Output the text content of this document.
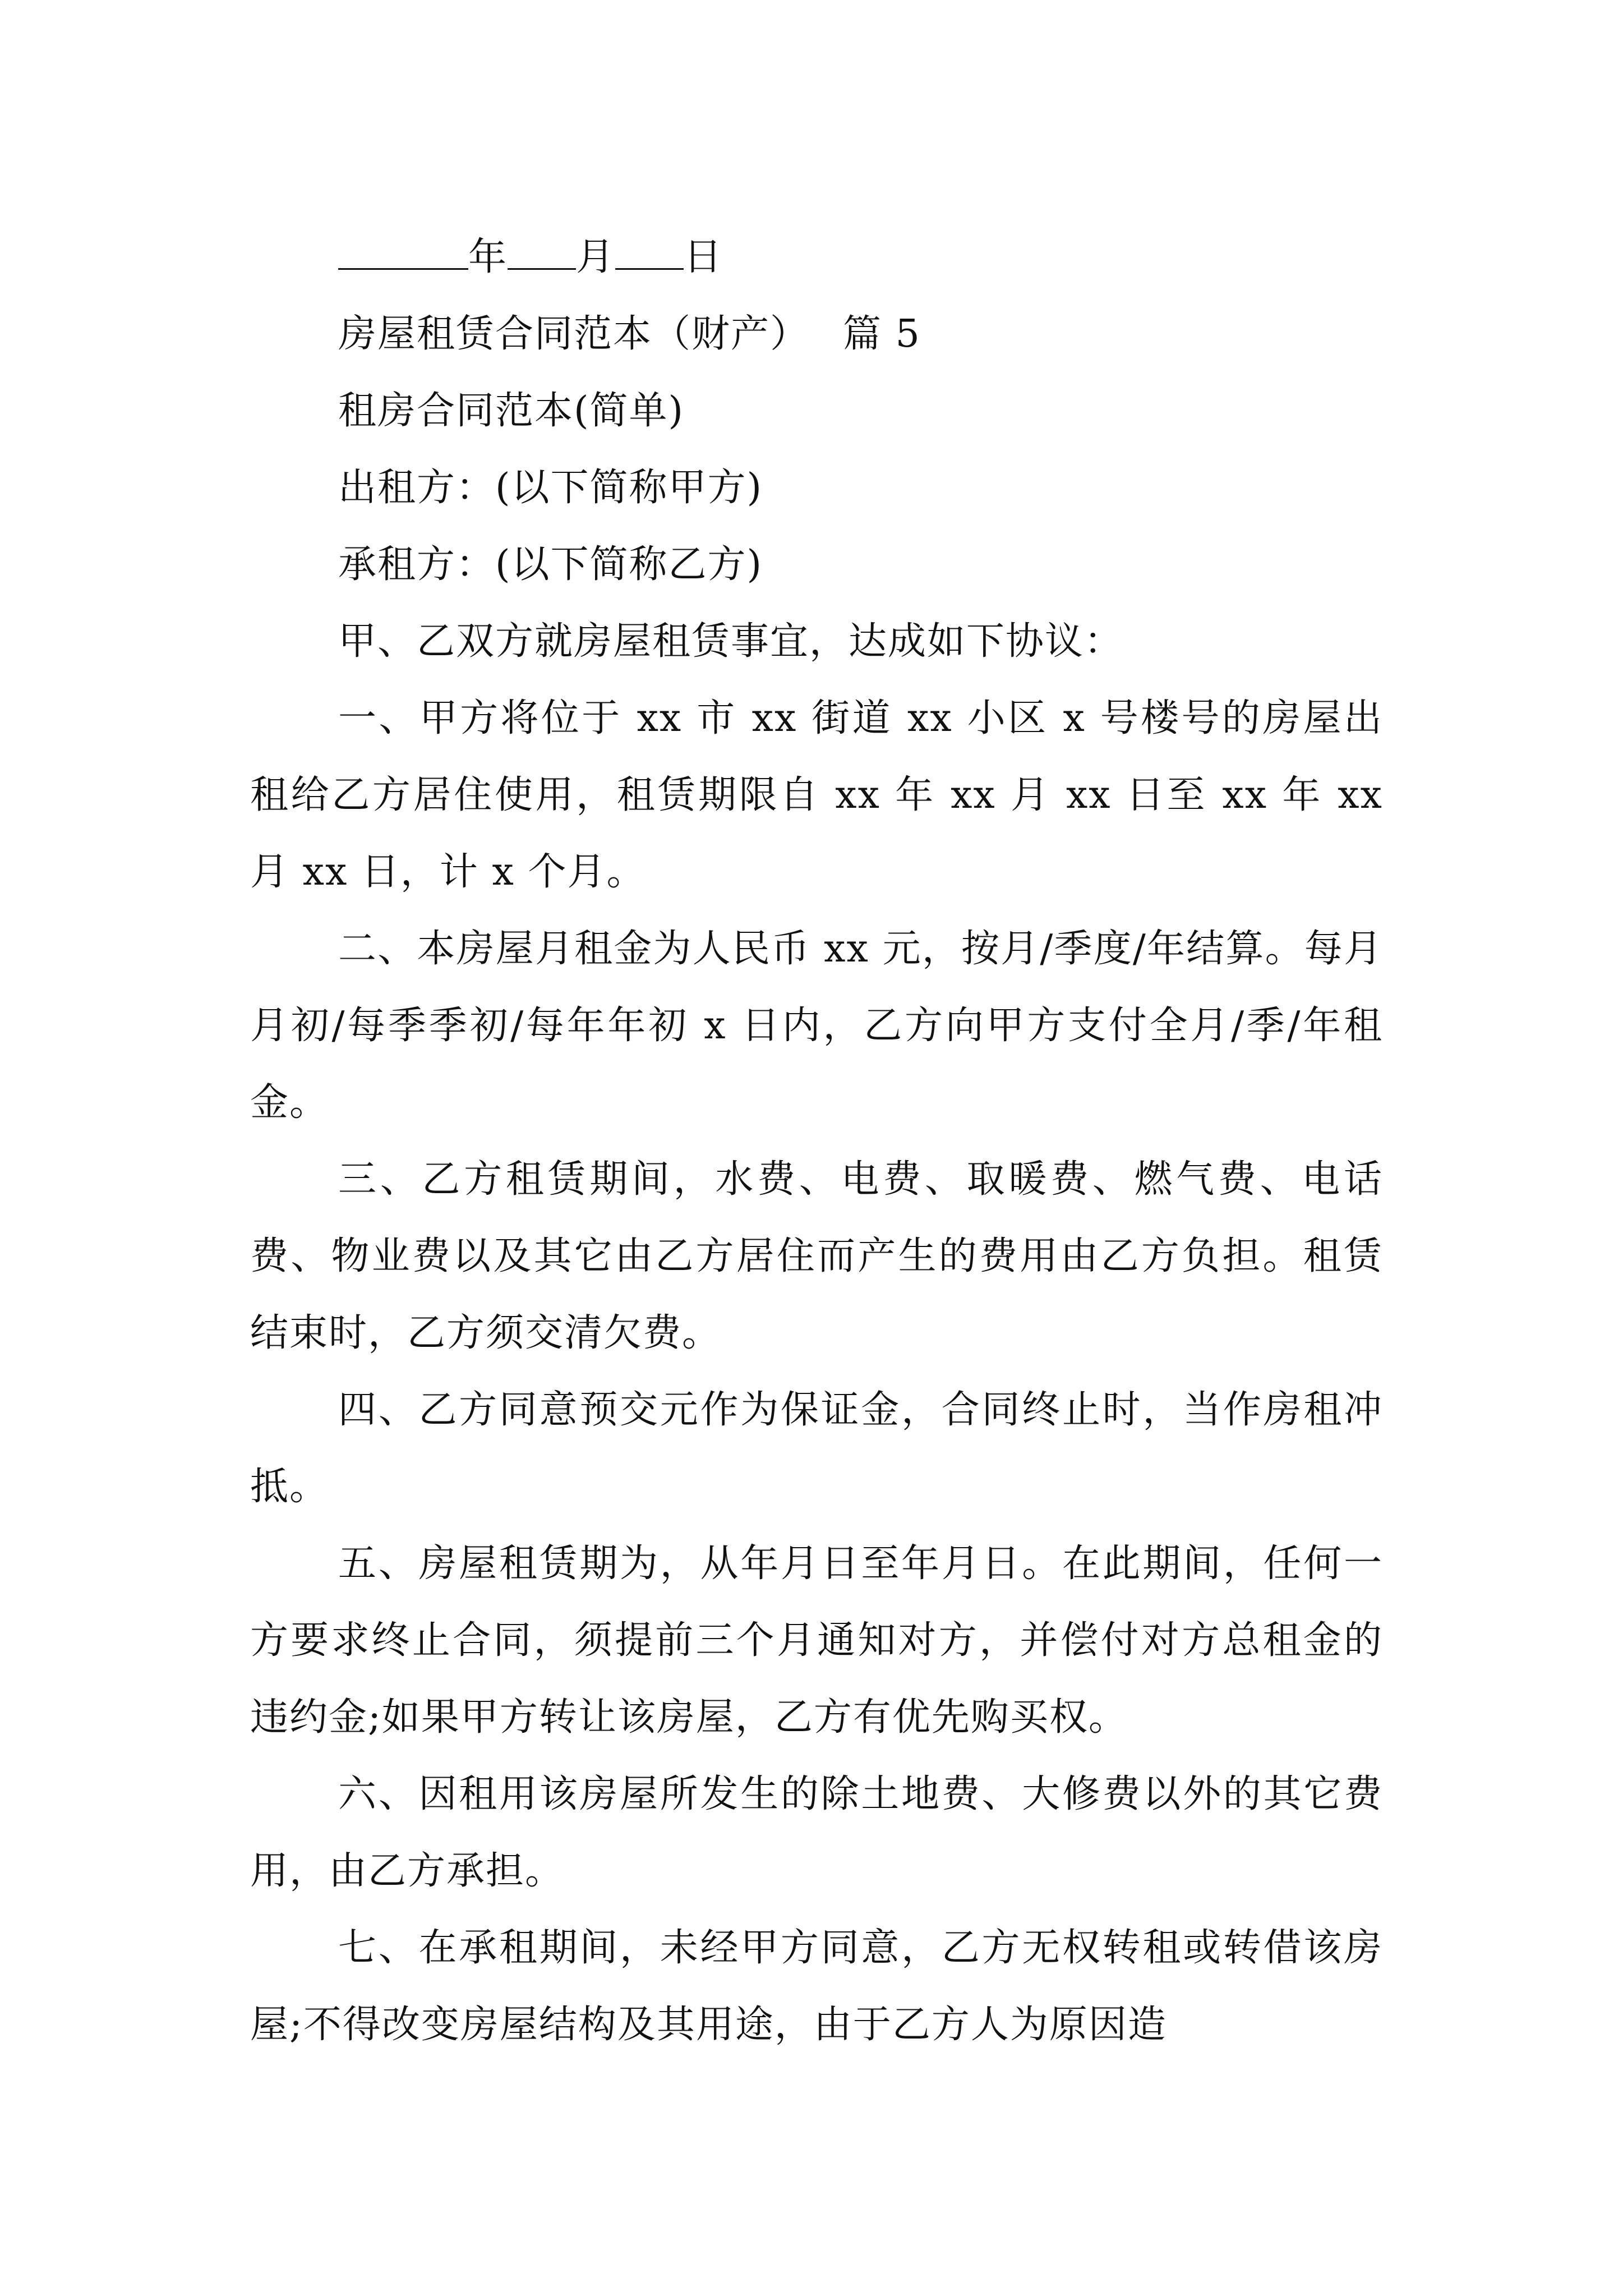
年 月 日
房屋租赁合同范本（财产） 篇 5
租房合同范本(简单)
出租方：(以下简称甲方)
承租方：(以下简称乙方)
甲、乙双方就房屋租赁事宜，达成如下协议：

一、甲方将位于 xx 市 xx 街道 xx 小区 x 号楼号的房屋出租给乙方居住使用，租赁期限自 xx 年 xx 月 xx 日至 xx 年 xx 月 xx 日，计 x 个月。

二、本房屋月租金为人民币 xx 元，按月/季度/年结算。每月月初/每季季初/每年年初 x 日内，乙方向甲方支付全月/季/年租金。

三、乙方租赁期间，水费、电费、取暖费、燃气费、电话费、物业费以及其它由乙方居住而产生的费用由乙方负担。租赁结束时，乙方须交清欠费。

四、乙方同意预交元作为保证金，合同终止时，当作房租冲抵。

五、房屋租赁期为，从年月日至年月日。在此期间，任何一方要求终止合同，须提前三个月通知对方，并偿付对方总租金的违约金;如果甲方转让该房屋，乙方有优先购买权。

六、因租用该房屋所发生的除土地费、大修费以外的其它费用，由乙方承担。

七、在承租期间，未经甲方同意，乙方无权转租或转借该房屋;不得改变房屋结构及其用途，由于乙方人为原因造
